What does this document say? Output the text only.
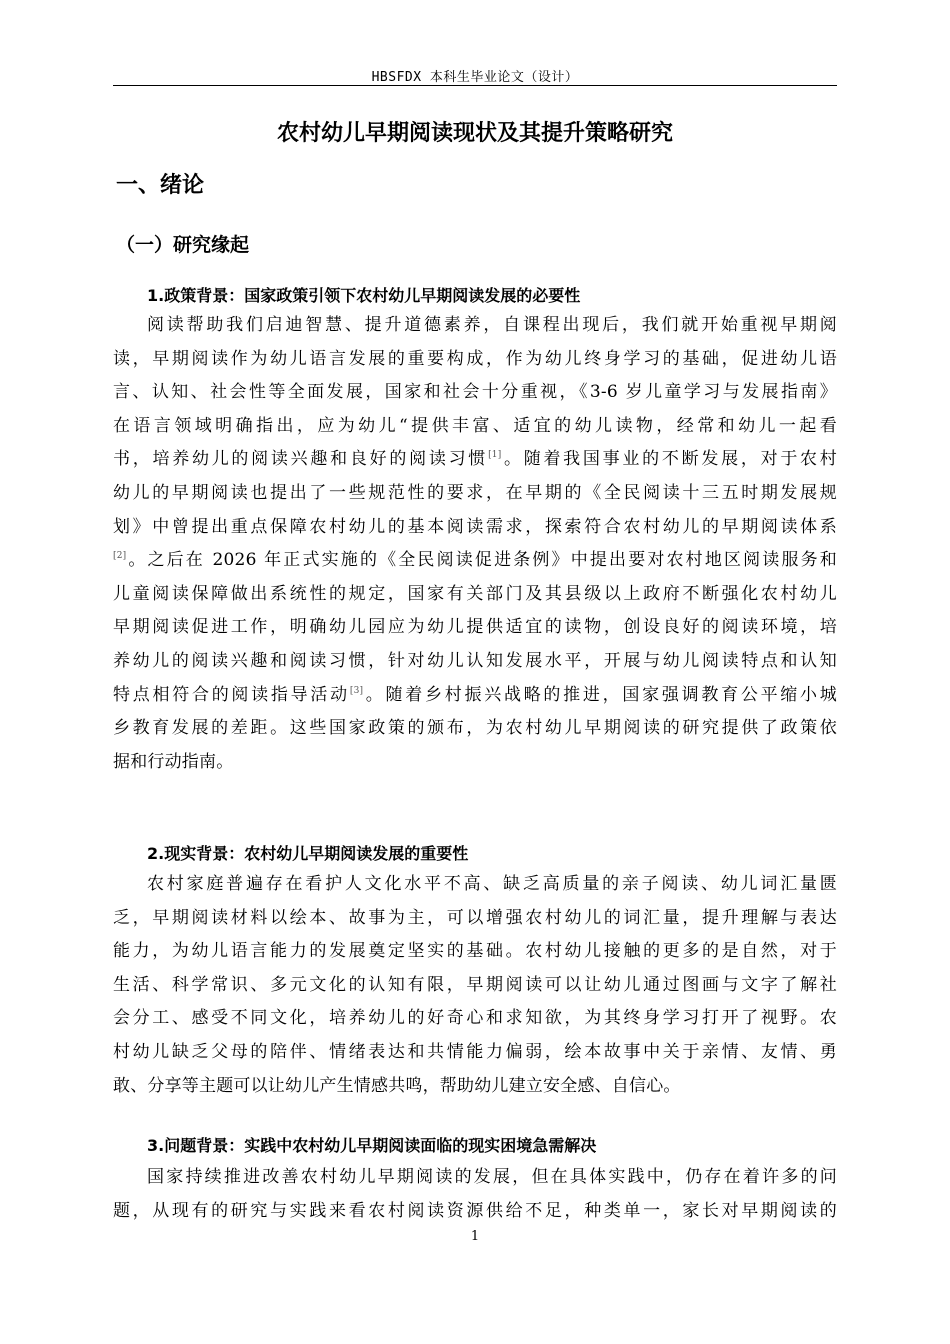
HBSFDX 本科生毕业论文（设计）
农村幼儿早期阅读现状及其提升策略研究
一、绪论
（一）研究缘起
1.政策背景：国家政策引领下农村幼儿早期阅读发展的必要性
阅读帮助我们启迪智慧、提升道德素养，自课程出现后，我们就开始重视早期阅
读，早期阅读作为幼儿语言发展的重要构成，作为幼儿终身学习的基础，促进幼儿语
言、认知、社会性等全面发展，国家和社会十分重视，《3-6 岁儿童学习与发展指南》
在语言领域明确指出，应为幼儿“提供丰富、适宜的幼儿读物，经常和幼儿一起看
书，培养幼儿的阅读兴趣和良好的阅读习惯[1]。随着我国事业的不断发展，对于农村
幼儿的早期阅读也提出了一些规范性的要求，在早期的《全民阅读十三五时期发展规
划》中曾提出重点保障农村幼儿的基本阅读需求，探索符合农村幼儿的早期阅读体系
[2]。之后在 2026 年正式实施的《全民阅读促进条例》中提出要对农村地区阅读服务和
儿童阅读保障做出系统性的规定，国家有关部门及其县级以上政府不断强化农村幼儿
早期阅读促进工作，明确幼儿园应为幼儿提供适宜的读物，创设良好的阅读环境，培
养幼儿的阅读兴趣和阅读习惯，针对幼儿认知发展水平，开展与幼儿阅读特点和认知
特点相符合的阅读指导活动[3]。随着乡村振兴战略的推进，国家强调教育公平缩小城
乡教育发展的差距。这些国家政策的颁布，为农村幼儿早期阅读的研究提供了政策依
据和行动指南。
2.现实背景：农村幼儿早期阅读发展的重要性
农村家庭普遍存在看护人文化水平不高、缺乏高质量的亲子阅读、幼儿词汇量匮
乏，早期阅读材料以绘本、故事为主，可以增强农村幼儿的词汇量，提升理解与表达
能力，为幼儿语言能力的发展奠定坚实的基础。农村幼儿接触的更多的是自然，对于
生活、科学常识、多元文化的认知有限，早期阅读可以让幼儿通过图画与文字了解社
会分工、感受不同文化，培养幼儿的好奇心和求知欲，为其终身学习打开了视野。农
村幼儿缺乏父母的陪伴、情绪表达和共情能力偏弱，绘本故事中关于亲情、友情、勇
敢、分享等主题可以让幼儿产生情感共鸣，帮助幼儿建立安全感、自信心。
3.问题背景：实践中农村幼儿早期阅读面临的现实困境急需解决
国家持续推进改善农村幼儿早期阅读的发展，但在具体实践中，仍存在着许多的问
题，从现有的研究与实践来看农村阅读资源供给不足，种类单一，家长对早期阅读的
1
